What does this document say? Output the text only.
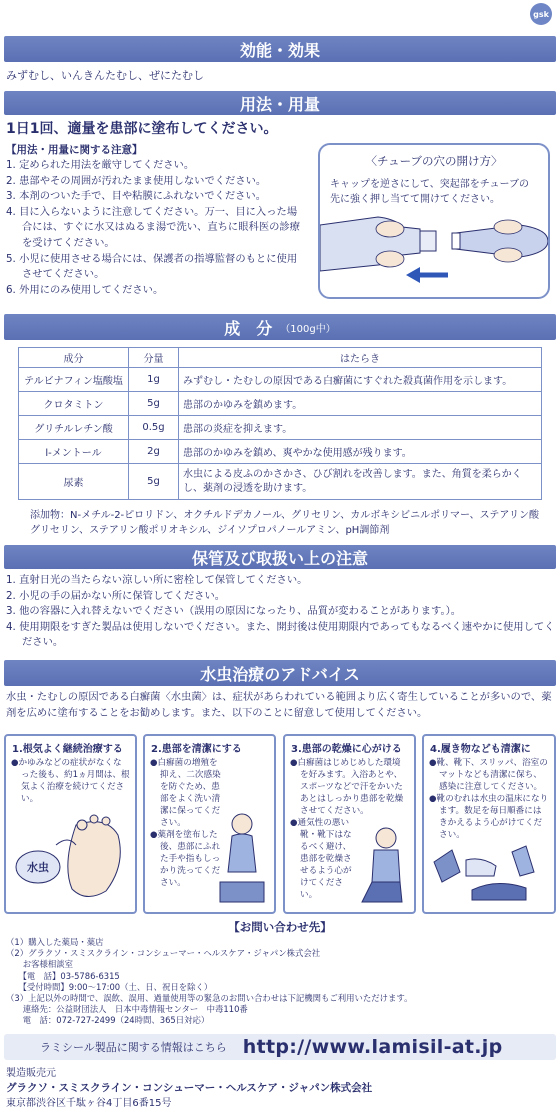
gsk
効能・効果
みずむし、いんきんたむし、ぜにたむし
用法・用量
1日1回、適量を患部に塗布してください。
【用法・用量に関する注意】
1. 定められた用法を厳守してください。
2. 患部やその周囲が汚れたまま使用しないでください。
3. 本剤のついた手で、目や粘膜にふれないでください。
4. 目に入らないように注意してください。万一、目に入った場合には、すぐに水又はぬるま湯で洗い、直ちに眼科医の診療を受けてください。
5. 小児に使用させる場合には、保護者の指導監督のもとに使用させてください。
6. 外用にのみ使用してください。
〈チューブの穴の開け方〉
キャップを逆さにして、突起部をチューブの先に強く押し当てて開けてください。
成　分 （100g中）
成分	分量	はたらき
テルビナフィン塩酸塩	1g	みずむし・たむしの原因である白癬菌にすぐれた殺真菌作用を示します。
クロタミトン	5g	患部のかゆみを鎮めます。
グリチルレチン酸	0.5g	患部の炎症を抑えます。
l-メントール	2g	患部のかゆみを鎮め、爽やかな使用感が残ります。
尿素	5g	水虫による皮ふのかさかさ、ひび割れを改善します。また、角質を柔らかくし、薬剤の浸透を助けます。
添加物：N-メチル-2-ピロリドン、オクチルドデカノール、グリセリン、カルボキシビニルポリマー、ステアリン酸グリセリン、ステアリン酸ポリオキシル、ジイソプロパノールアミン、pH調節剤
保管及び取扱い上の注意
1. 直射日光の当たらない涼しい所に密栓して保管してください。
2. 小児の手の届かない所に保管してください。
3. 他の容器に入れ替えないでください（誤用の原因になったり、品質が変わることがあります。）。
4. 使用期限をすぎた製品は使用しないでください。また、開封後は使用期限内であってもなるべく速やかに使用してください。
水虫治療のアドバイス
水虫・たむしの原因である白癬菌〈水虫菌〉は、症状があらわれている範囲より広く寄生していることが多いので、薬剤を広めに塗布することをお勧めします。また、以下のことに留意して使用してください。
1.根気よく継続治療する

●かゆみなどの症状がなくなった後も、約1ヵ月間は、根気よく治療を続けてください。

水虫
2.患部を清潔にする

●白癬菌の増殖を抑え、二次感染を防ぐため、患部をよく洗い清潔に保ってください。

●薬剤を塗布した後、患部にふれた手や指もしっかり洗ってください。

3.患部の乾燥に心がける

●白癬菌はじめじめした環境を好みます。入浴あとや、スポーツなどで汗をかいたあとはしっかり患部を乾燥させてください。

●通気性の悪い靴・靴下はなるべく避け、患部を乾燥させるよう心がけてください。

4.履き物なども清潔に

●靴、靴下、スリッパ、浴室のマットなども清潔に保ち、感染に注意してください。

●靴のむれは水虫の温床になります。数足を毎日順番にはきかえるよう心がけてください。

【お問い合わせ先】
（1）購入した薬局・薬店
（2）グラクソ・スミスクライン・コンシューマー・ヘルスケア・ジャパン株式会社
　　お客様相談室
　　【電　話】03-5786-6315
　　【受付時間】9:00～17:00（土、日、祝日を除く）
（3）上記以外の時間で、誤飲、誤用、過量使用等の緊急のお問い合わせは下記機関もご利用いただけます。
　　連絡先：公益財団法人　日本中毒情報センター　中毒110番
　　電　話：072-727-2499（24時間、365日対応）
ラミシール製品に関する情報はこちら http://www.lamisil-at.jp
製造販売元
グラクソ・スミスクライン・コンシューマー・ヘルスケア・ジャパン株式会社
東京都渋谷区千駄ヶ谷4丁目6番15号
